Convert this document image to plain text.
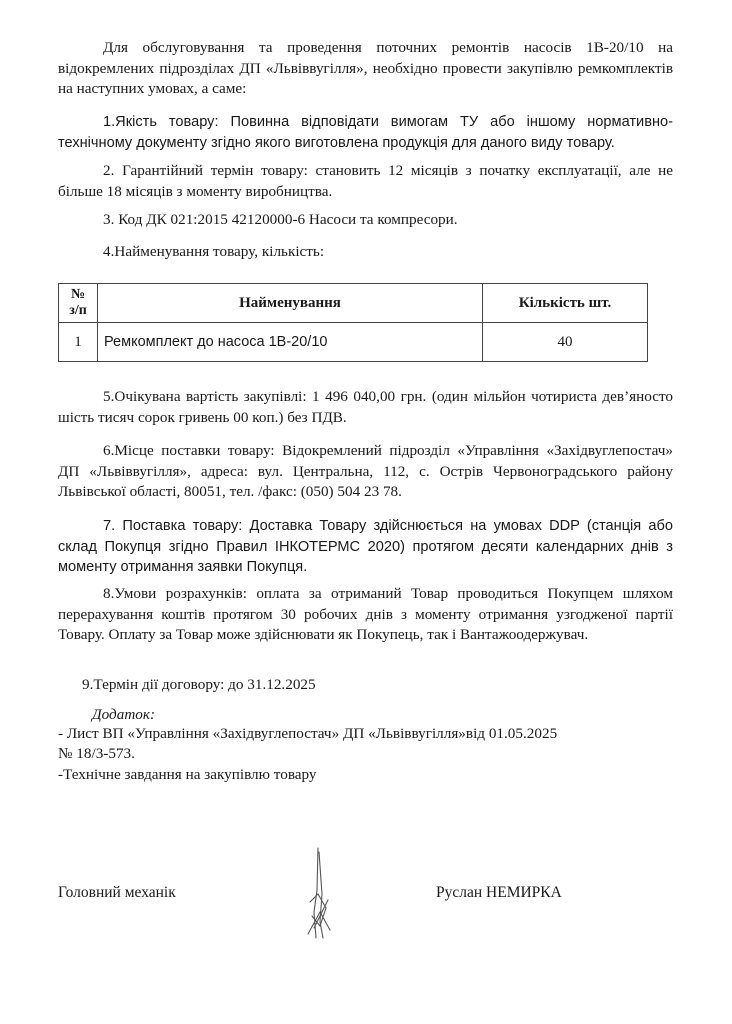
Для обслуговування та проведення поточних ремонтів насосів 1В-20/10 на відокремлених підрозділах ДП «Львіввугілля», необхідно провести закупівлю ремкомплектів на наступних умовах, а саме:

1.Якість товару: Повинна відповідати вимогам ТУ або іншому нормативно-технічному документу згідно якого виготовлена продукція для даного виду товару.

2. Гарантійний термін товару: становить 12 місяців з початку експлуатації, але не більше 18 місяців з моменту виробництва.

3. Код ДК 021:2015 42120000-6 Насоси та компресори.

4.Найменування товару, кількість:

№
з/п	Найменування	Кількість шт.
1	Ремкомплект до насоса 1В-20/10	40

5.Очікувана вартість закупівлі: 1 496 040,00 грн. (один мільйон чотириста дев’яносто шість тисяч сорок гривень 00 коп.) без ПДВ.

6.Місце поставки товару: Відокремлений підрозділ «Управління «Західвуглепостач» ДП «Львіввугілля», адреса: вул. Центральна, 112, с. Острів Червоноградського району Львівської області, 80051, тел. /факс: (050) 504 23 78.

7. Поставка товару: Доставка Товару здійснюється на умовах DDP (станція або склад Покупця згідно Правил ІНКОТЕРМС 2020) протягом десяти календарних днів з моменту отримання заявки Покупця.

8.Умови розрахунків: оплата за отриманий Товар проводиться Покупцем шляхом перерахування коштів протягом 30 робочих днів з моменту отримання узгодженої партії Товару. Оплату за Товар може здійснювати як Покупець, так і Вантажоодержувач.

9.Термін дії договору: до 31.12.2025

Додаток:
- Лист ВП «Управління «Західвуглепостач» ДП «Львіввугілля»від 01.05.2025
№ 18/3-573.
-Технічне завдання на закупівлю товару
Головний механік	Руслан НЕМИРКА
